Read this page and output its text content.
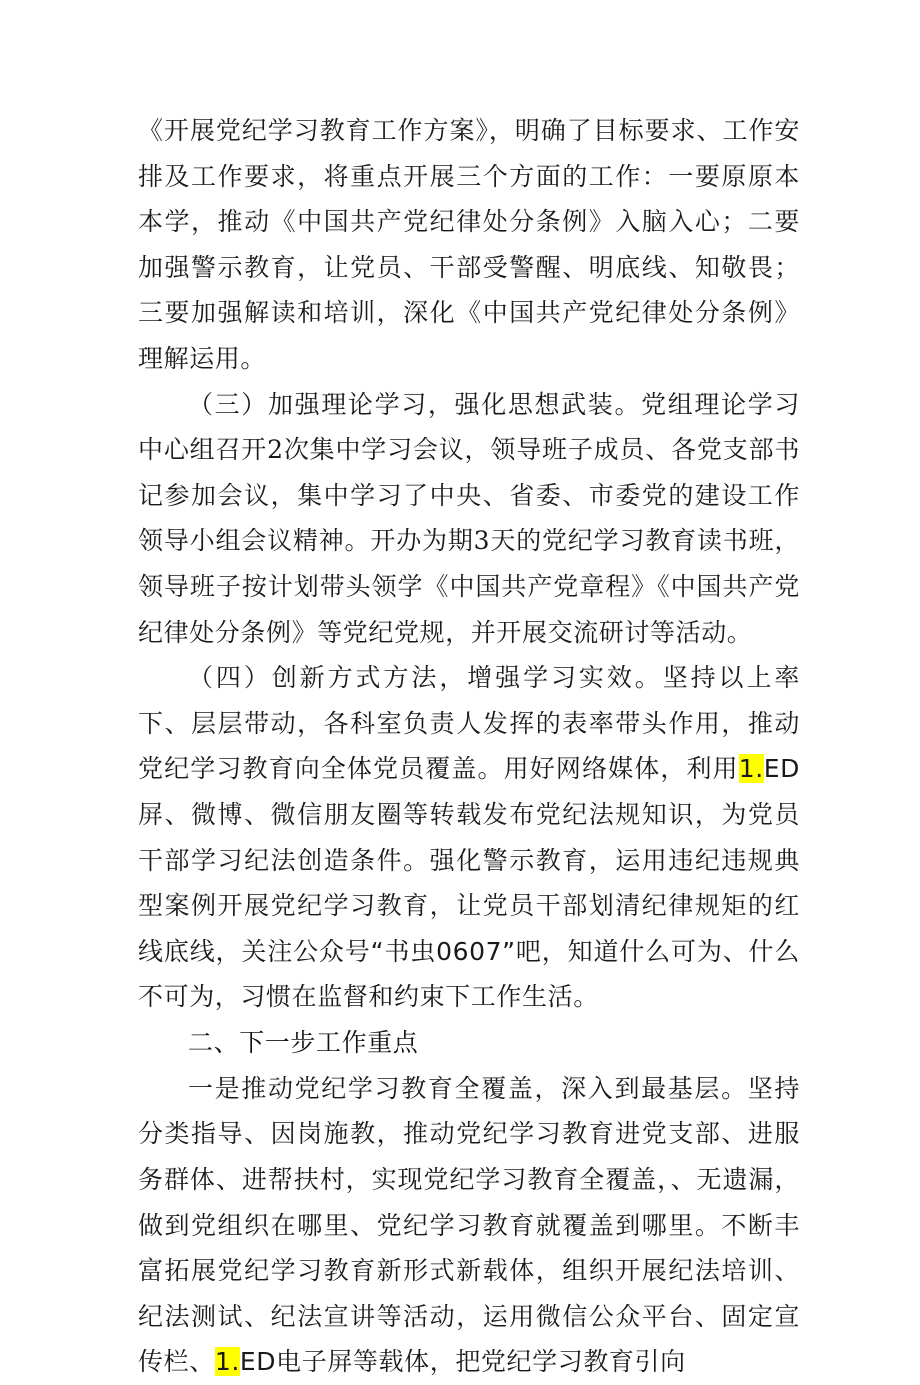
《开展党纪学习教育工作方案》，明确了目标要求、工作安排及工作要求，将重点开展三个方面的工作：一要原原本本学，推动《中国共产党纪律处分条例》入脑入心；二要加强警示教育，让党员、干部受警醒、明底线、知敬畏；三要加强解读和培训，深化《中国共产党纪律处分条例》理解运用。

（三）加强理论学习，强化思想武装。党组理论学习中心组召开2次集中学习会议，领导班子成员、各党支部书记参加会议，集中学习了中央、省委、市委党的建设工作领导小组会议精神。开办为期3天的党纪学习教育读书班，领导班子按计划带头领学《中国共产党章程》《中国共产党纪律处分条例》等党纪党规，并开展交流研讨等活动。

（四）创新方式方法，增强学习实效。坚持以上率下、层层带动，各科室负责人发挥的表率带头作用，推动党纪学习教育向全体党员覆盖。用好网络媒体，利用1.ED屏、微博、微信朋友圈等转载发布党纪法规知识，为党员干部学习纪法创造条件。强化警示教育，运用违纪违规典型案例开展党纪学习教育，让党员干部划清纪律规矩的红线底线，关注公众号“书虫0607”吧，知道什么可为、什么不可为，习惯在监督和约束下工作生活。

二、下一步工作重点

一是推动党纪学习教育全覆盖，深入到最基层。坚持分类指导、因岗施教，推动党纪学习教育进党支部、进服务群体、进帮扶村，实现党纪学习教育全覆盖，、无遗漏，做到党组织在哪里、党纪学习教育就覆盖到哪里。不断丰富拓展党纪学习教育新形式新载体，组织开展纪法培训、纪法测试、纪法宣讲等活动，运用微信公众平台、固定宣传栏、1.ED电子屏等载体，把党纪学习教育引向
